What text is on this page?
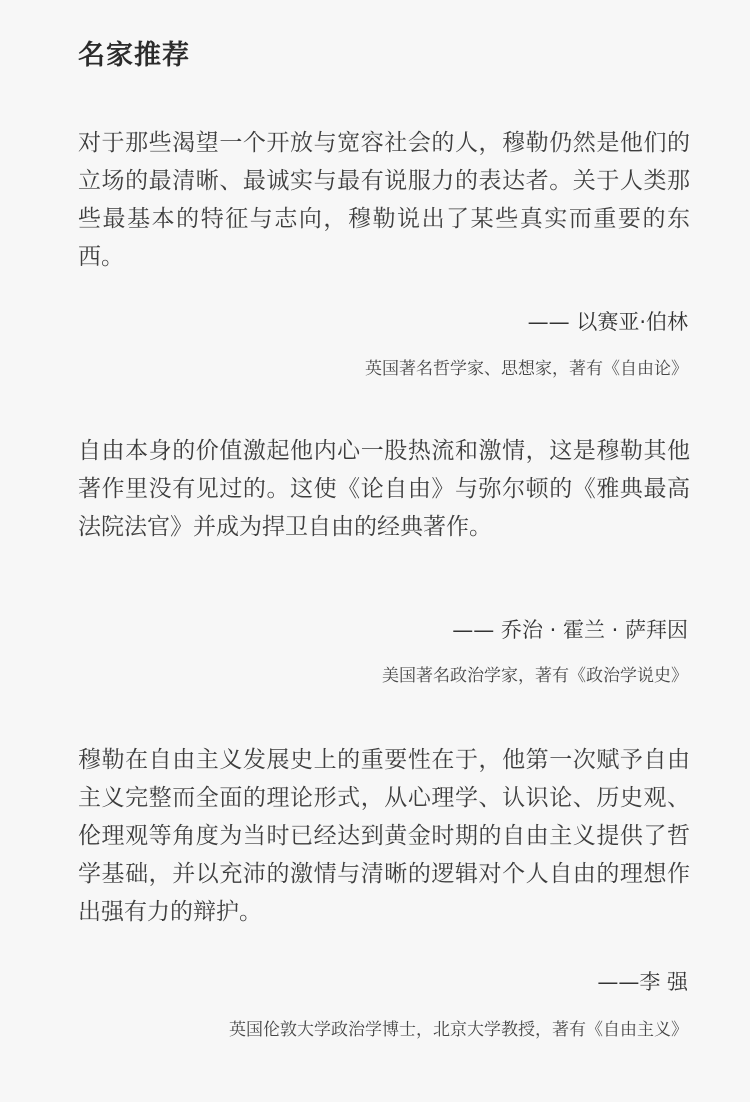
名家推荐

对于那些渴望一个开放与宽容社会的人，穆勒仍然是他们的立场的最清晰、最诚实与最有说服力的表达者。关于人类那些最基本的特征与志向，穆勒说出了某些真实而重要的东西。

—— 以赛亚·伯林
英国著名哲学家、思想家，著有《自由论》

自由本身的价值激起他内心一股热流和激情，这是穆勒其他著作里没有见过的。这使《论自由》与弥尔顿的《雅典最高法院法官》并成为捍卫自由的经典著作。

—— 乔治 · 霍兰 · 萨拜因
美国著名政治学家，著有《政治学说史》

穆勒在自由主义发展史上的重要性在于，他第一次赋予自由主义完整而全面的理论形式，从心理学、认识论、历史观、伦理观等角度为当时已经达到黄金时期的自由主义提供了哲学基础，并以充沛的激情与清晰的逻辑对个人自由的理想作出强有力的辩护。

——李 强
英国伦敦大学政治学博士，北京大学教授，著有《自由主义》
